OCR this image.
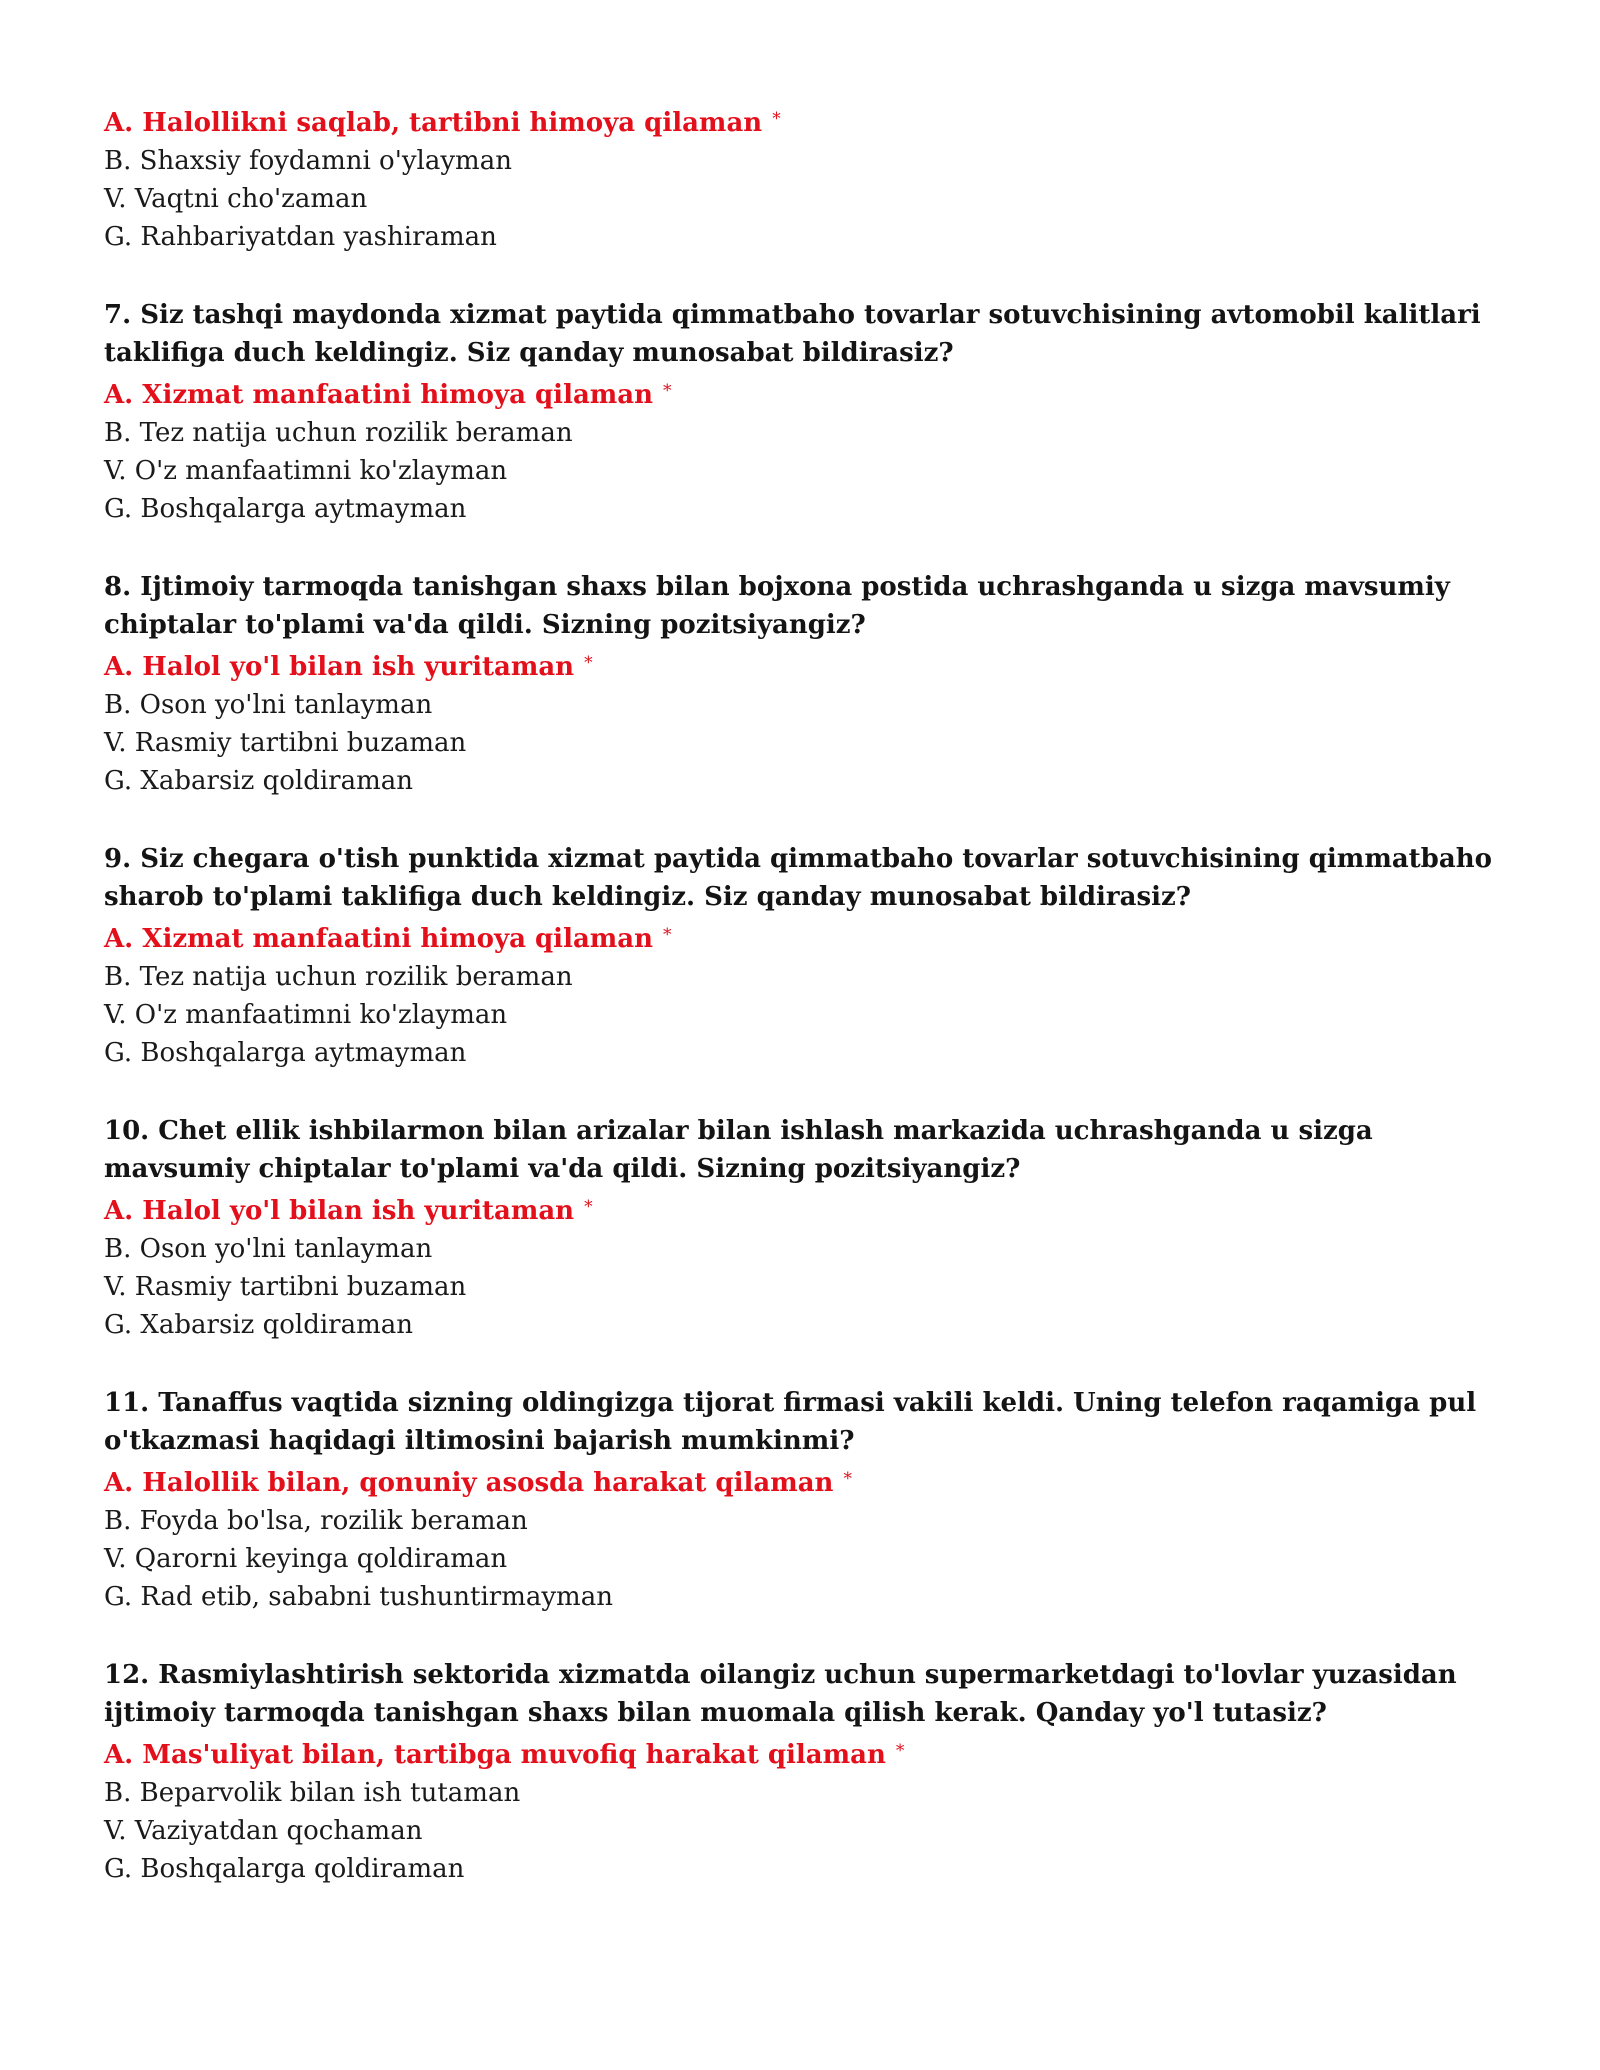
A. Halollikni saqlab, tartibni himoya qilaman *

B. Shaxsiy foydamni o'ylayman

V. Vaqtni cho'zaman

G. Rahbariyatdan yashiraman

7. Siz tashqi maydonda xizmat paytida qimmatbaho tovarlar sotuvchisining avtomobil kalitlari taklifiga duch keldingiz. Siz qanday munosabat bildirasiz?

A. Xizmat manfaatini himoya qilaman *

B. Tez natija uchun rozilik beraman

V. O'z manfaatimni ko'zlayman

G. Boshqalarga aytmayman

8. Ijtimoiy tarmoqda tanishgan shaxs bilan bojxona postida uchrashganda u sizga mavsumiy chiptalar to'plami va'da qildi. Sizning pozitsiyangiz?

A. Halol yo'l bilan ish yuritaman *

B. Oson yo'lni tanlayman

V. Rasmiy tartibni buzaman

G. Xabarsiz qoldiraman

9. Siz chegara o'tish punktida xizmat paytida qimmatbaho tovarlar sotuvchisining qimmatbaho sharob to'plami taklifiga duch keldingiz. Siz qanday munosabat bildirasiz?

A. Xizmat manfaatini himoya qilaman *

B. Tez natija uchun rozilik beraman

V. O'z manfaatimni ko'zlayman

G. Boshqalarga aytmayman

10. Chet ellik ishbilarmon bilan arizalar bilan ishlash markazida uchrashganda u sizga mavsumiy chiptalar to'plami va'da qildi. Sizning pozitsiyangiz?

A. Halol yo'l bilan ish yuritaman *

B. Oson yo'lni tanlayman

V. Rasmiy tartibni buzaman

G. Xabarsiz qoldiraman

11. Tanaffus vaqtida sizning oldingizga tijorat firmasi vakili keldi. Uning telefon raqamiga pul o'tkazmasi haqidagi iltimosini bajarish mumkinmi?

A. Halollik bilan, qonuniy asosda harakat qilaman *

B. Foyda bo'lsa, rozilik beraman

V. Qarorni keyinga qoldiraman

G. Rad etib, sababni tushuntirmayman

12. Rasmiylashtirish sektorida xizmatda oilangiz uchun supermarketdagi to'lovlar yuzasidan ijtimoiy tarmoqda tanishgan shaxs bilan muomala qilish kerak. Qanday yo'l tutasiz?

A. Mas'uliyat bilan, tartibga muvofiq harakat qilaman *

B. Beparvolik bilan ish tutaman

V. Vaziyatdan qochaman

G. Boshqalarga qoldiraman
